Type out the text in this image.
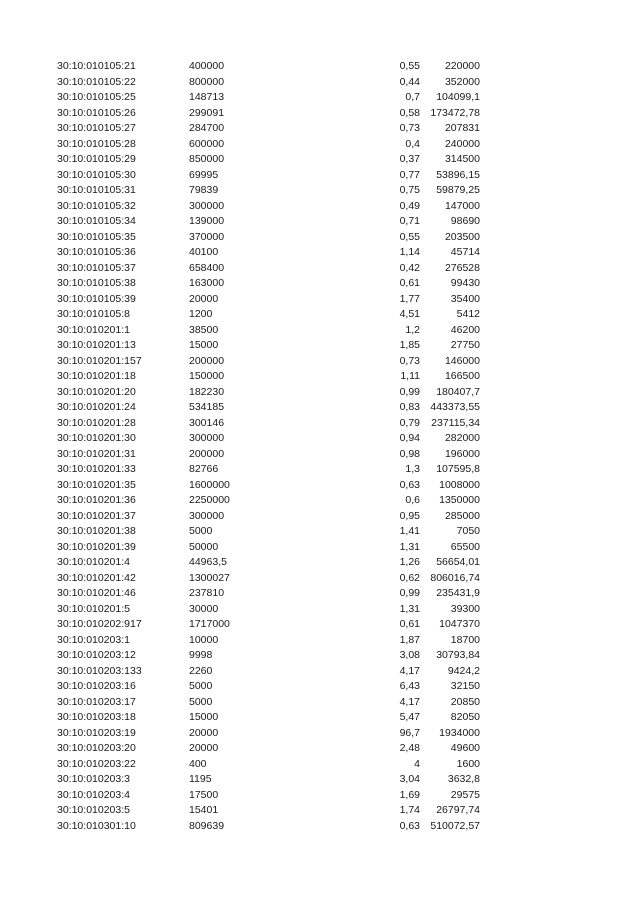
	30:10:010105:21	400000		0,55	220000
	30:10:010105:22	800000		0,44	352000
	30:10:010105:25	148713		0,7	104099,1
	30:10:010105:26	299091		0,58	173472,78
	30:10:010105:27	284700		0,73	207831
	30:10:010105:28	600000		0,4	240000
	30:10:010105:29	850000		0,37	314500
	30:10:010105:30	69995		0,77	53896,15
	30:10:010105:31	79839		0,75	59879,25
	30:10:010105:32	300000		0,49	147000
	30:10:010105:34	139000		0,71	98690
	30:10:010105:35	370000		0,55	203500
	30:10:010105:36	40100		1,14	45714
	30:10:010105:37	658400		0,42	276528
	30:10:010105:38	163000		0,61	99430
	30:10:010105:39	20000		1,77	35400
	30:10:010105:8	1200		4,51	5412
	30:10:010201:1	38500		1,2	46200
	30:10:010201:13	15000		1,85	27750
	30:10:010201:157	200000		0,73	146000
	30:10:010201:18	150000		1,11	166500
	30:10:010201:20	182230		0,99	180407,7
	30:10:010201:24	534185		0,83	443373,55
	30:10:010201:28	300146		0,79	237115,34
	30:10:010201:30	300000		0,94	282000
	30:10:010201:31	200000		0,98	196000
	30:10:010201:33	82766		1,3	107595,8
	30:10:010201:35	1600000		0,63	1008000
	30:10:010201:36	2250000		0,6	1350000
	30:10:010201:37	300000		0,95	285000
	30:10:010201:38	5000		1,41	7050
	30:10:010201:39	50000		1,31	65500
	30:10:010201:4	44963,5		1,26	56654,01
	30:10:010201:42	1300027		0,62	806016,74
	30:10:010201:46	237810		0,99	235431,9
	30:10:010201:5	30000		1,31	39300
	30:10:010202:917	1717000		0,61	1047370
	30:10:010203:1	10000		1,87	18700
	30:10:010203:12	9998		3,08	30793,84
	30:10:010203:133	2260		4,17	9424,2
	30:10:010203:16	5000		6,43	32150
	30:10:010203:17	5000		4,17	20850
	30:10:010203:18	15000		5,47	82050
	30:10:010203:19	20000		96,7	1934000
	30:10:010203:20	20000		2,48	49600
	30:10:010203:22	400		4	1600
	30:10:010203:3	1195		3,04	3632,8
	30:10:010203:4	17500		1,69	29575
	30:10:010203:5	15401		1,74	26797,74
	30:10:010301:10	809639		0,63	510072,57
